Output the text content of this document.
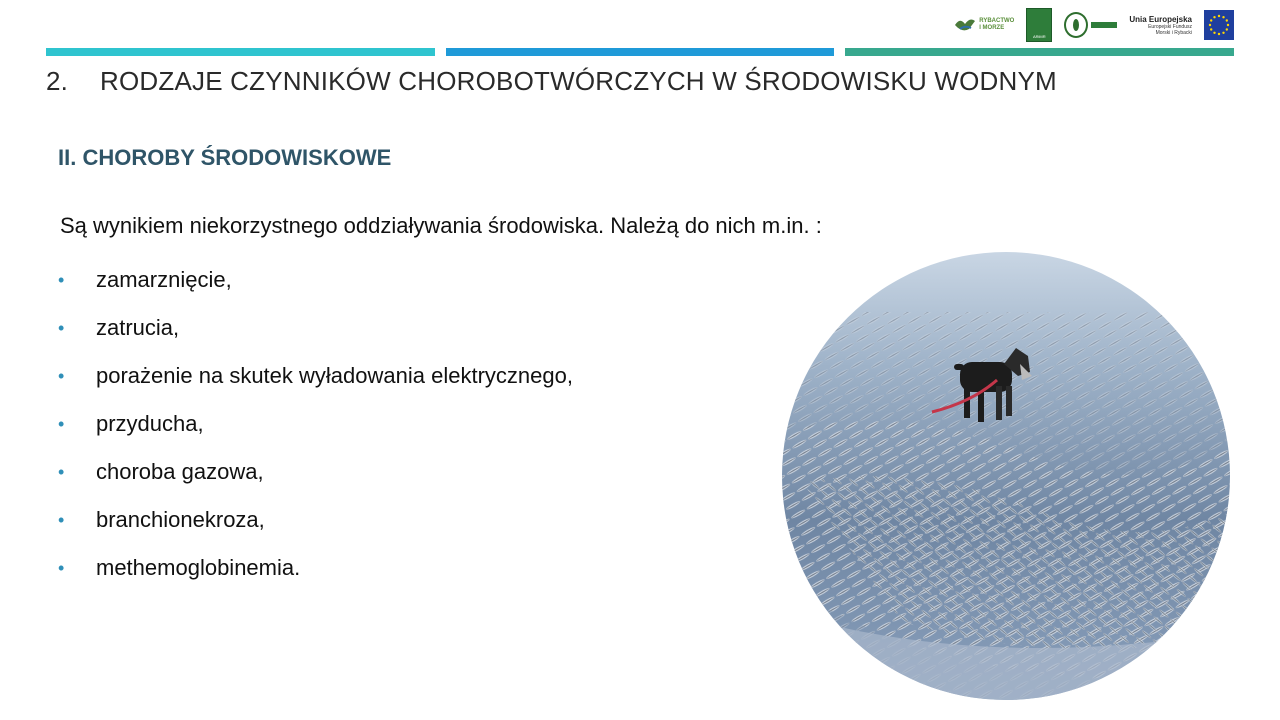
RYBACTWO
I MORZE
ARiMR
Unia Europejska
Europejski Fundusz
Morski i Rybacki
2.	RODZAJE CZYNNIKÓW CHOROBOTWÓRCZYCH W ŚRODOWISKU WODNYM
II. CHOROBY ŚRODOWISKOWE
Są wynikiem niekorzystnego oddziaływania środowiska. Należą do nich m.in. :
•	zamarznięcie,
•	zatrucia,
•	porażenie na skutek wyładowania elektrycznego,
•	przyducha,
•	choroba gazowa,
•	branchionekroza,
•	methemoglobinemia.
